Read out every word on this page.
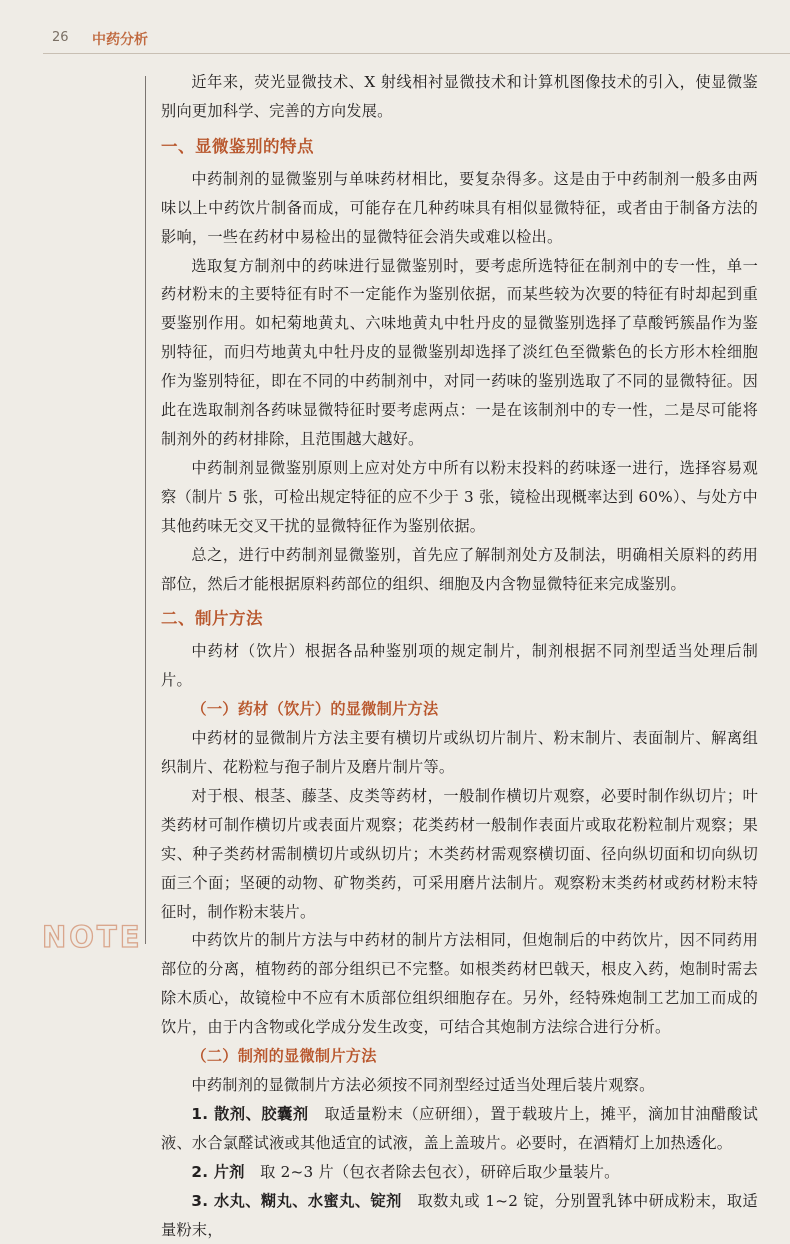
26 中药分析

近年来，荧光显微技术、X 射线相衬显微技术和计算机图像技术的引入，使显微鉴别向更加科学、完善的方向发展。

一、显微鉴别的特点

中药制剂的显微鉴别与单味药材相比，要复杂得多。这是由于中药制剂一般多由两味以上中药饮片制备而成，可能存在几种药味具有相似显微特征，或者由于制备方法的影响，一些在药材中易检出的显微特征会消失或难以检出。

选取复方制剂中的药味进行显微鉴别时，要考虑所选特征在制剂中的专一性，单一药材粉末的主要特征有时不一定能作为鉴别依据，而某些较为次要的特征有时却起到重要鉴别作用。如杞菊地黄丸、六味地黄丸中牡丹皮的显微鉴别选择了草酸钙簇晶作为鉴别特征，而归芍地黄丸中牡丹皮的显微鉴别却选择了淡红色至微紫色的长方形木栓细胞作为鉴别特征，即在不同的中药制剂中，对同一药味的鉴别选取了不同的显微特征。因此在选取制剂各药味显微特征时要考虑两点：一是在该制剂中的专一性，二是尽可能将制剂外的药材排除，且范围越大越好。

中药制剂显微鉴别原则上应对处方中所有以粉末投料的药味逐一进行，选择容易观察（制片 5 张，可检出规定特征的应不少于 3 张，镜检出现概率达到 60%）、与处方中其他药味无交叉干扰的显微特征作为鉴别依据。

总之，进行中药制剂显微鉴别，首先应了解制剂处方及制法，明确相关原料的药用部位，然后才能根据原料药部位的组织、细胞及内含物显微特征来完成鉴别。

二、制片方法

中药材（饮片）根据各品种鉴别项的规定制片，制剂根据不同剂型适当处理后制片。

（一）药材（饮片）的显微制片方法

中药材的显微制片方法主要有横切片或纵切片制片、粉末制片、表面制片、解离组织制片、花粉粒与孢子制片及磨片制片等。

对于根、根茎、藤茎、皮类等药材，一般制作横切片观察，必要时制作纵切片；叶类药材可制作横切片或表面片观察；花类药材一般制作表面片或取花粉粒制片观察；果实、种子类药材需制横切片或纵切片；木类药材需观察横切面、径向纵切面和切向纵切面三个面；坚硬的动物、矿物类药，可采用磨片法制片。观察粉末类药材或药材粉末特征时，制作粉末装片。

中药饮片的制片方法与中药材的制片方法相同，但炮制后的中药饮片，因不同药用部位的分离，植物药的部分组织已不完整。如根类药材巴戟天，根皮入药，炮制时需去除木质心，故镜检中不应有木质部位组织细胞存在。另外，经特殊炮制工艺加工而成的饮片，由于内含物或化学成分发生改变，可结合其炮制方法综合进行分析。

（二）制剂的显微制片方法

中药制剂的显微制片方法必须按不同剂型经过适当处理后装片观察。

1. 散剂、胶囊剂　 取适量粉末（应研细），置于载玻片上，摊平，滴加甘油醋酸试液、水合氯醛试液或其他适宜的试液，盖上盖玻片。必要时，在酒精灯上加热透化。

2. 片剂　 取 2~3 片（包衣者除去包衣），研碎后取少量装片。

3. 水丸、糊丸、水蜜丸、锭剂　 取数丸或 1~2 锭，分别置乳钵中研成粉末，取适量粉末，

NOTE
